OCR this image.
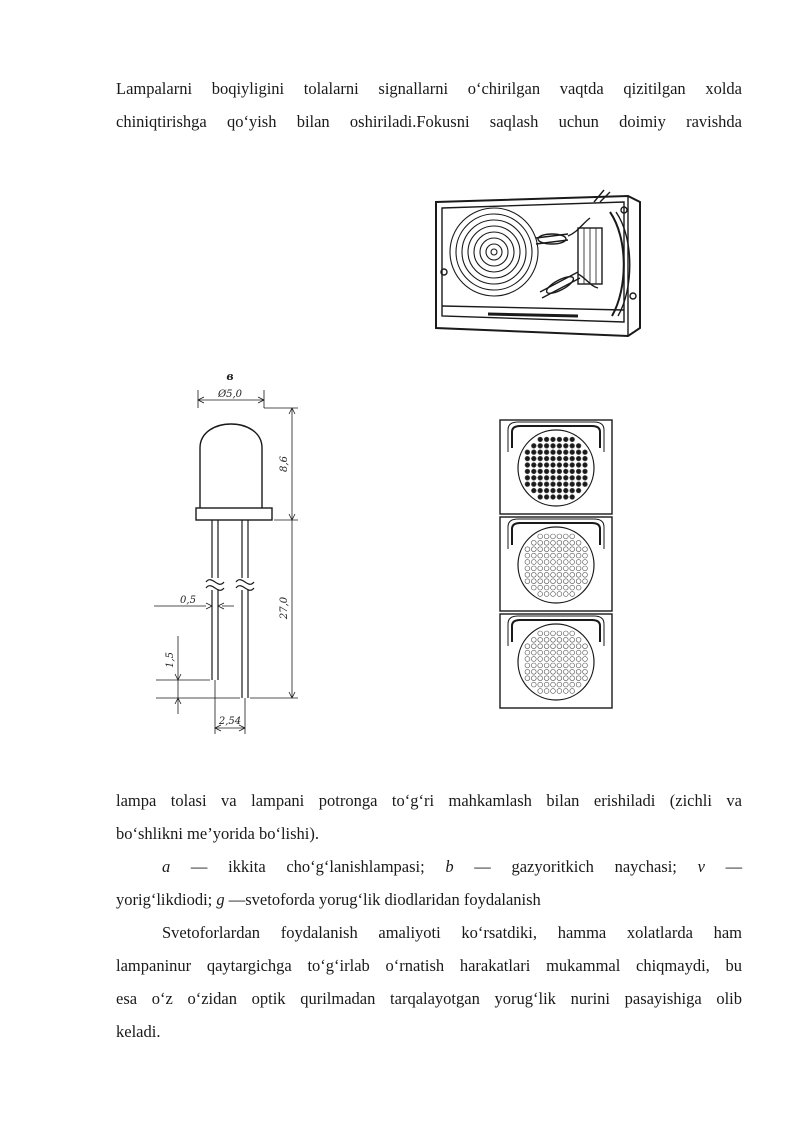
Lampalarni boqiyligini tolalarni signallarni o‘chirilgan vaqtda qizitilgan xolda
chiniqtirishga qo‘yish bilan oshiriladi.Fokusni saqlash uchun doimiy ravishda
в
Ø5,0
8,6
27,0
0,5
1,5
2,54
lampa tolasi va lampani potronga to‘g‘ri mahkamlash bilan erishiladi (zichli va
bo‘shlikni me’yorida bo‘lishi).
a — ikkita cho‘g‘lanishlampasi; b — gazyoritkich naychasi; v —
yorig‘likdiodi; g —svetoforda yorug‘lik diodlaridan foydalanish
Svetoforlardan foydalanish amaliyoti ko‘rsatdiki, hamma xolatlarda ham
lampaninur qaytargichga to‘g‘irlab o‘rnatish harakatlari mukammal chiqmaydi, bu
esa o‘z o‘zidan optik qurilmadan tarqalayotgan yorug‘lik nurini pasayishiga olib
keladi.
